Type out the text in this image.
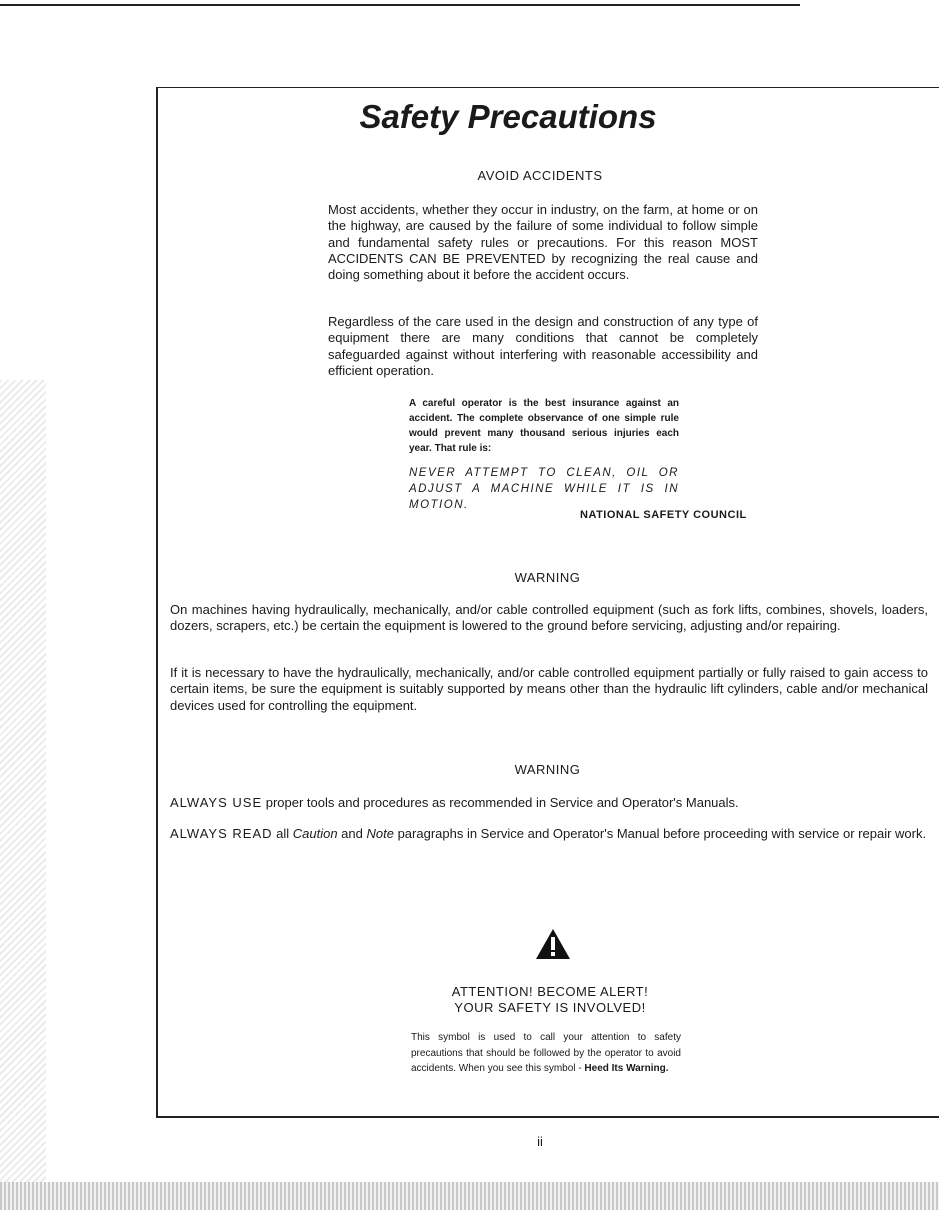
Safety Precautions

AVOID ACCIDENTS

Most accidents, whether they occur in industry, on the farm, at home or on the highway, are caused by the failure of some individual to follow simple and fundamental safety rules or precautions. For this reason MOST ACCIDENTS CAN BE PREVENTED by recognizing the real cause and doing something about it before the accident occurs.

Regardless of the care used in the design and construction of any type of equipment there are many conditions that cannot be completely safeguarded against without interfering with reasonable accessibility and efficient operation.

A careful operator is the best insurance against an accident. The complete observance of one simple rule would prevent many thousand serious injuries each year. That rule is:

NEVER ATTEMPT TO CLEAN, OIL OR ADJUST A MACHINE WHILE IT IS IN MOTION.

NATIONAL SAFETY COUNCIL

WARNING

On machines having hydraulically, mechanically, and/or cable controlled equipment (such as fork lifts, combines, shovels, loaders, dozers, scrapers, etc.) be certain the equipment is lowered to the ground before servicing, adjusting and/or repairing.

If it is necessary to have the hydraulically, mechanically, and/or cable controlled equipment partially or fully raised to gain access to certain items, be sure the equipment is suitably supported by means other than the hydraulic lift cylinders, cable and/or mechanical devices used for controlling the equipment.

WARNING

ALWAYS USE proper tools and procedures as recommended in Service and Operator's Manuals.

ALWAYS READ all Caution and Note paragraphs in Service and Operator's Manual before proceeding with service or repair work.

ATTENTION! BECOME ALERT!
YOUR SAFETY IS INVOLVED!

This symbol is used to call your attention to safety precautions that should be followed by the operator to avoid accidents. When you see this symbol - Heed Its Warning.

ii
